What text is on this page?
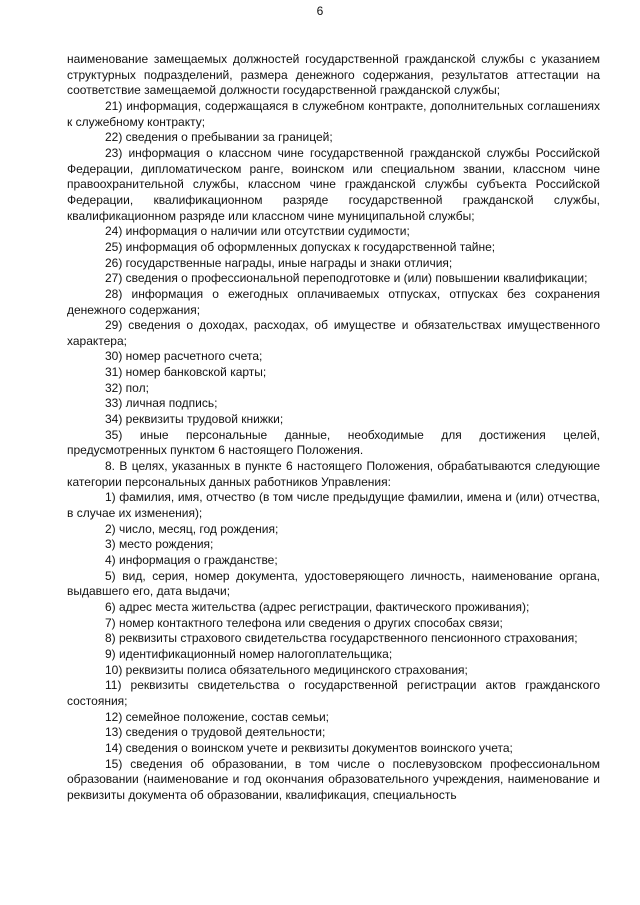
6

наименование замещаемых должностей государственной гражданской службы с указанием структурных подразделений, размера денежного содержания, результатов аттестации на соответствие замещаемой должности государственной гражданской службы;

21) информация, содержащаяся в служебном контракте, дополнительных соглашениях к служебному контракту;

22) сведения о пребывании за границей;

23) информация о классном чине государственной гражданской службы Российской Федерации, дипломатическом ранге, воинском или специальном звании, классном чине правоохранительной службы, классном чине гражданской службы субъекта Российской Федерации, квалификационном разряде государственной гражданской службы, квалификационном разряде или классном чине муниципальной службы;

24) информация о наличии или отсутствии судимости;

25) информация об оформленных допусках к государственной тайне;

26) государственные награды, иные награды и знаки отличия;

27) сведения о профессиональной переподготовке и (или) повышении квалификации;

28) информация о ежегодных оплачиваемых отпусках, отпусках без сохранения денежного содержания;

29) сведения о доходах, расходах, об имуществе и обязательствах имущественного характера;

30) номер расчетного счета;

31) номер банковской карты;

32) пол;

33) личная подпись;

34) реквизиты трудовой книжки;

35) иные персональные данные, необходимые для достижения целей, предусмотренных пунктом 6 настоящего Положения.

8. В целях, указанных в пункте 6 настоящего Положения, обрабатываются следующие категории персональных данных работников Управления:

1) фамилия, имя, отчество (в том числе предыдущие фамилии, имена и (или) отчества, в случае их изменения);

2) число, месяц, год рождения;

3) место рождения;

4) информация о гражданстве;

5) вид, серия, номер документа, удостоверяющего личность, наименование органа, выдавшего его, дата выдачи;

6) адрес места жительства (адрес регистрации, фактического проживания);

7) номер контактного телефона или сведения о других способах связи;

8) реквизиты страхового свидетельства государственного пенсионного страхования;

9) идентификационный номер налогоплательщика;

10) реквизиты полиса обязательного медицинского страхования;

11) реквизиты свидетельства о государственной регистрации актов гражданского состояния;

12) семейное положение, состав семьи;

13) сведения о трудовой деятельности;

14) сведения о воинском учете и реквизиты документов воинского учета;

15) сведения об образовании, в том числе о послевузовском профессиональном образовании (наименование и год окончания образовательного учреждения, наименование и реквизиты документа об образовании, квалификация, специальность
